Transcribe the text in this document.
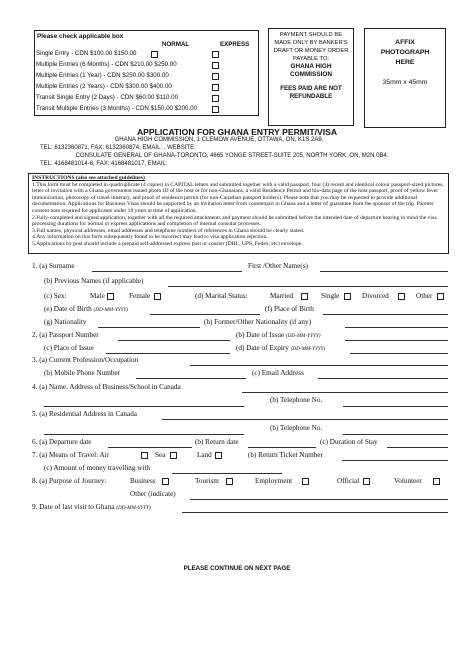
Please check applicable box
NORMAL	EXPRESS
Single Entry - CDN $100.00 $150.00
Multiple Entries (6 Months) - CDN $210.00 $250.00
Multiple Entries (1 Year) - CDN $250.00 $300.00
Multiple Entries (2 Years) - CDN $300.00 $400.00
Transit Single Entry (2 Days) - CDN $60.00 $110.00
Transit Multiple Entries (3 Months) - CDN $150.00 $200.00
PAYMENT SHOULD BE
MADE ONLY BY BANKER'S
DRAFT OR MONEY ORDER
PAYABLE TO:
GHANA HIGH
COMMISSION
FEES PAID ARE NOT
REFUNDABLE
AFFIX
PHOTOGRAPH
HERE
35mm x 45mm
APPLICATION FOR GHANA ENTRY PERMIT/VISA
GHANA HIGH COMMISSION, 1 CLEMOW AVENUE, OTTAWA, ON, K1S 2A9.
TEL: 6132360871, FAX: 6132360874, EMAIL: , WEBSITE:
CONSULATE GENERAL OF GHANA-TORONTO, 4665 YONGE STREET-SUITE 205, NORTH YORK, ON, M2N 0B4.
TEL: 4168481014-6, FAX: 4168481017, EMAIL:
INSTRUCTIONS (also see attached guidelines)
1.This form must be completed in quadruplicate (4 copies) in CAPITAL letters and submitted together with a valid passport, four (4) recent and identical colour passport-sized pictures, letter of invitation with a Ghana government issued photo ID of the host or for non-Ghanaians, a valid Residence Permit and bio-data page of the host passport, proof of yellow fever immunization, photocopy of travel itinerary, and proof of residence permit (for non-Canadian passport holders). Please note that you may be requested to provide additional documentation. Applications for Business Visas should be supported by an invitation letter from counterpart in Ghana and a letter of guarantee from the sponsor of the trip. Parents' consent note required for applicants under 18 years at time of application.
2.Fully-completed and signed application, together with all the required attachments and payment should be submitted before the intended date of departure bearing in mind the visa processing durations for normal or express applications and completion of internal consular processes.
3.Full names, physical addresses, email addresses and telephone numbers of references in Ghana should be clearly stated.
4.Any information on this form subsequently found to be incorrect may lead to visa application rejection.
5.Applications by post should include a prepaid self-addressed express post or courier (DHL, UPS, Fedex, etc) envelope.
1. (a) Surname	First /Other Name(s)
(b) Previous Names (if applicable)
(c) Sex:	Male	Female	(d) Marital Status:	Married	Single	Divorced	Other
(e) Date of Birth (DD-MM-YYYY)	(f) Place of Birth
(g) Nationality	(h) Former/Other Nationality (if any)
2. (a) Passport Number	(b) Date of Issue (DD-MM-YYYY)
(c) Place of Issue	(d) Date of Expiry (DD-MM-YYYY)
3. (a) Current Profession/Occupation
(b) Mobile Phone Number	(c) Email Address
4. (a) Name, Address of Business/School in Canada
(b) Telephone No.
5. (a) Residential Address in Canada
(b) Telephone No.
6. (a) Departure date	(b) Return date	(c) Duration of Stay
7. (a) Means of Travel: Air	Sea	Land	(b) Return Ticket Number
(c) Amount of money travelling with
8. (a) Purpose of Journey:	Business	Tourism	Employment	Official	Volunteer
Other (indicate)
9. Date of last visit to Ghana (DD-MM-YYYY)
PLEASE CONTINUE ON NEXT PAGE
